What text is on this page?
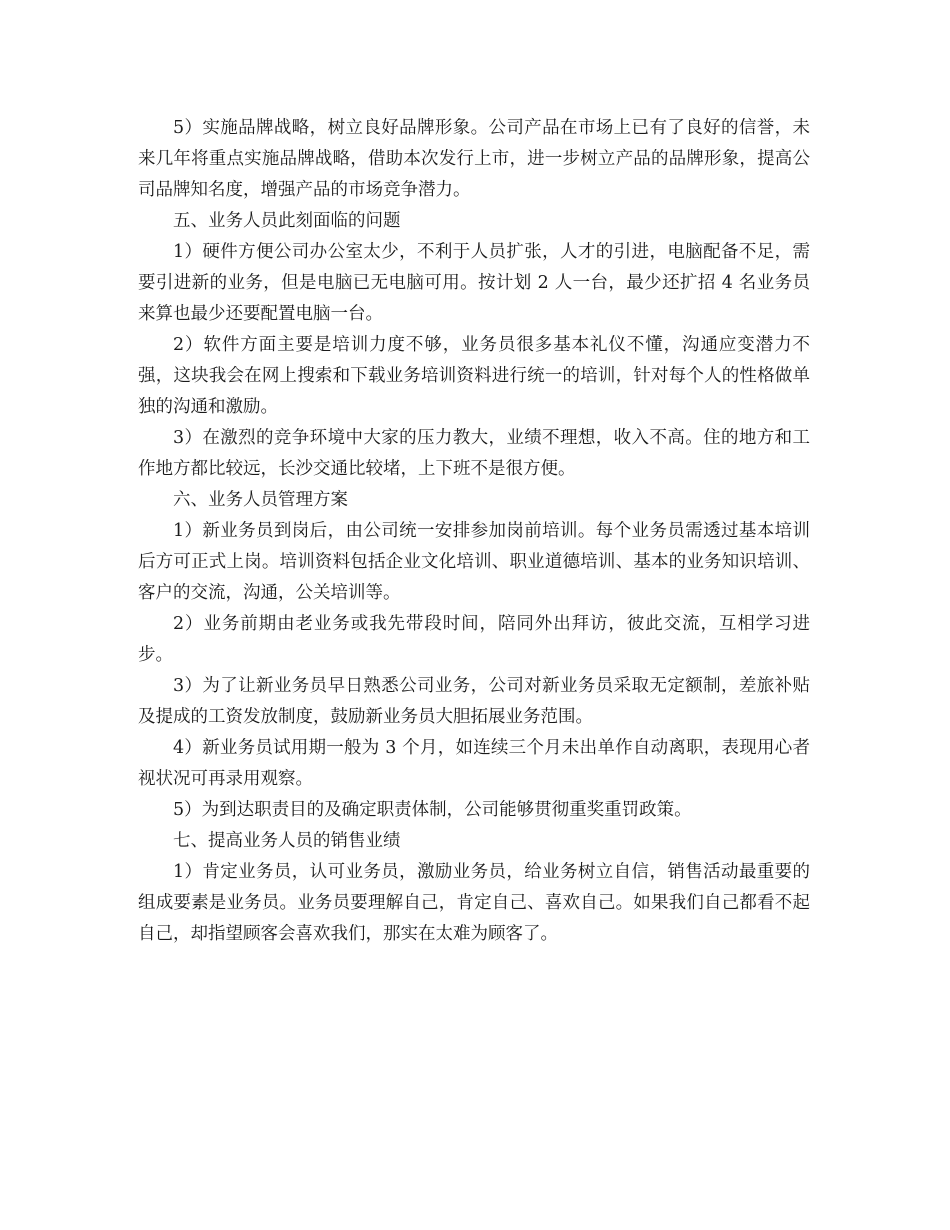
5）实施品牌战略，树立良好品牌形象。公司产品在市场上已有了良好的信誉，未来几年将重点实施品牌战略，借助本次发行上市，进一步树立产品的品牌形象，提高公司品牌知名度，增强产品的市场竞争潜力。

五、业务人员此刻面临的问题

1）硬件方便公司办公室太少，不利于人员扩张，人才的引进，电脑配备不足，需要引进新的业务，但是电脑已无电脑可用。按计划 2 人一台，最少还扩招 4 名业务员来算也最少还要配置电脑一台。

2）软件方面主要是培训力度不够，业务员很多基本礼仪不懂，沟通应变潜力不强，这块我会在网上搜索和下载业务培训资料进行统一的培训，针对每个人的性格做单独的沟通和激励。

3）在激烈的竞争环境中大家的压力教大，业绩不理想，收入不高。住的地方和工作地方都比较远，长沙交通比较堵，上下班不是很方便。

六、业务人员管理方案

1）新业务员到岗后，由公司统一安排参加岗前培训。每个业务员需透过基本培训后方可正式上岗。培训资料包括企业文化培训、职业道德培训、基本的业务知识培训、客户的交流，沟通，公关培训等。

2）业务前期由老业务或我先带段时间，陪同外出拜访，彼此交流，互相学习进步。

3）为了让新业务员早日熟悉公司业务，公司对新业务员采取无定额制，差旅补贴及提成的工资发放制度，鼓励新业务员大胆拓展业务范围。

4）新业务员试用期一般为 3 个月，如连续三个月未出单作自动离职，表现用心者视状况可再录用观察。

5）为到达职责目的及确定职责体制，公司能够贯彻重奖重罚政策。

七、提高业务人员的销售业绩

1）肯定业务员，认可业务员，激励业务员，给业务树立自信，销售活动最重要的组成要素是业务员。业务员要理解自己，肯定自己、喜欢自己。如果我们自己都看不起自己，却指望顾客会喜欢我们，那实在太难为顾客了。
